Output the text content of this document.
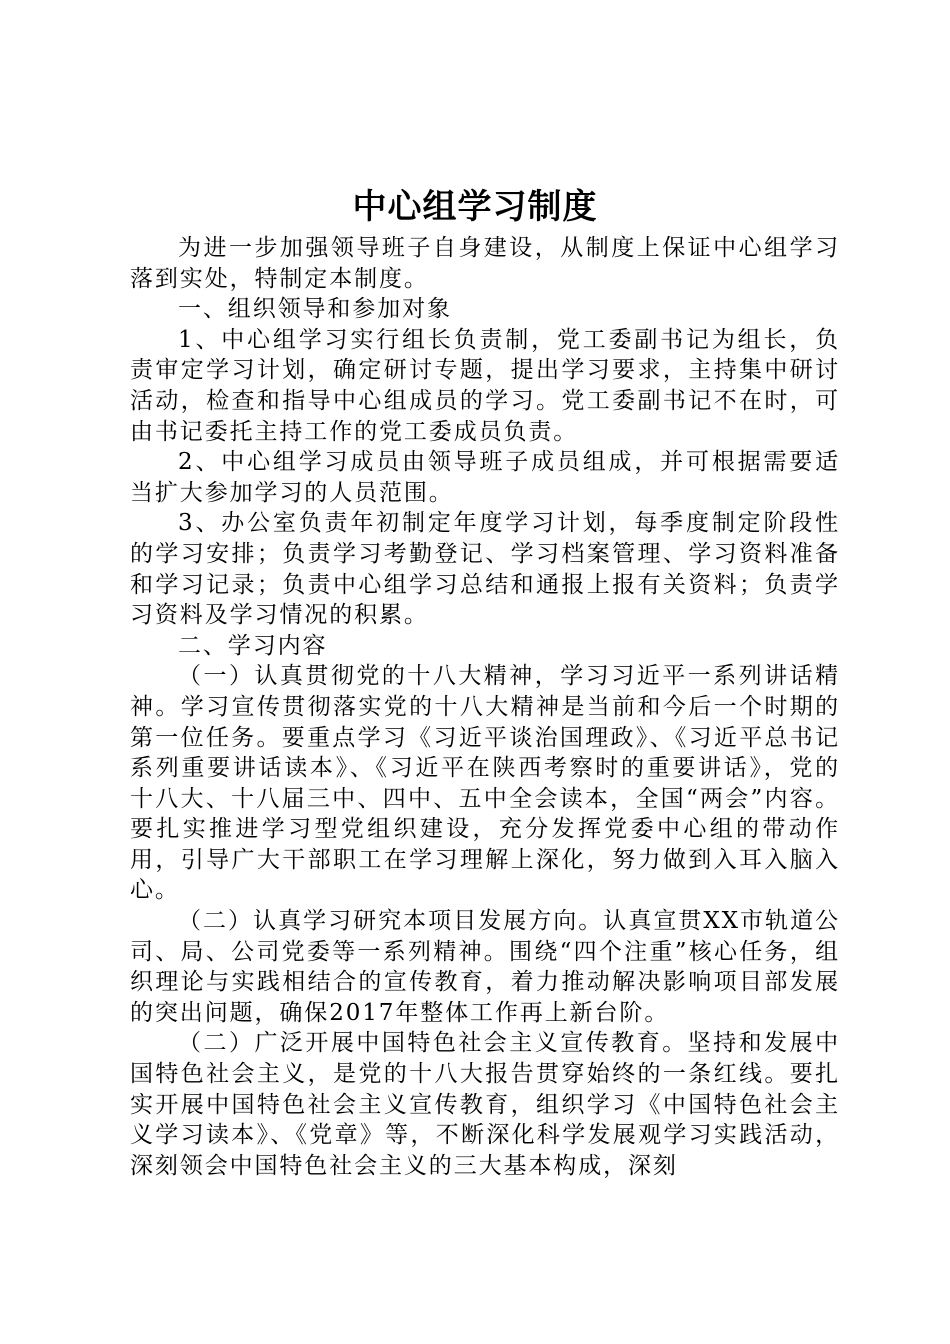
中心组学习制度

为进一步加强领导班子自身建设，从制度上保证中心组学习落到实处，特制定本制度。

一、组织领导和参加对象

1、中心组学习实行组长负责制，党工委副书记为组长，负责审定学习计划，确定研讨专题，提出学习要求，主持集中研讨活动，检查和指导中心组成员的学习。党工委副书记不在时，可由书记委托主持工作的党工委成员负责。

2、中心组学习成员由领导班子成员组成，并可根据需要适当扩大参加学习的人员范围。

3、办公室负责年初制定年度学习计划，每季度制定阶段性的学习安排；负责学习考勤登记、学习档案管理、学习资料准备和学习记录；负责中心组学习总结和通报上报有关资料；负责学习资料及学习情况的积累。

二、学习内容

（一）认真贯彻党的十八大精神，学习习近平一系列讲话精神。学习宣传贯彻落实党的十八大精神是当前和今后一个时期的第一位任务。要重点学习《习近平谈治国理政》、《习近平总书记系列重要讲话读本》、《习近平在陕西考察时的重要讲话》，党的十八大、十八届三中、四中、五中全会读本，全国“两会”内容。要扎实推进学习型党组织建设，充分发挥党委中心组的带动作用，引导广大干部职工在学习理解上深化，努力做到入耳入脑入心。

（二）认真学习研究本项目发展方向。认真宣贯XX市轨道公司、局、公司党委等一系列精神。围绕“四个注重”核心任务，组织理论与实践相结合的宣传教育，着力推动解决影响项目部发展的突出问题，确保2017年整体工作再上新台阶。

（二）广泛开展中国特色社会主义宣传教育。坚持和发展中国特色社会主义，是党的十八大报告贯穿始终的一条红线。要扎实开展中国特色社会主义宣传教育，组织学习《中国特色社会主义学习读本》、《党章》等，不断深化科学发展观学习实践活动，深刻领会中国特色社会主义的三大基本构成，深刻
